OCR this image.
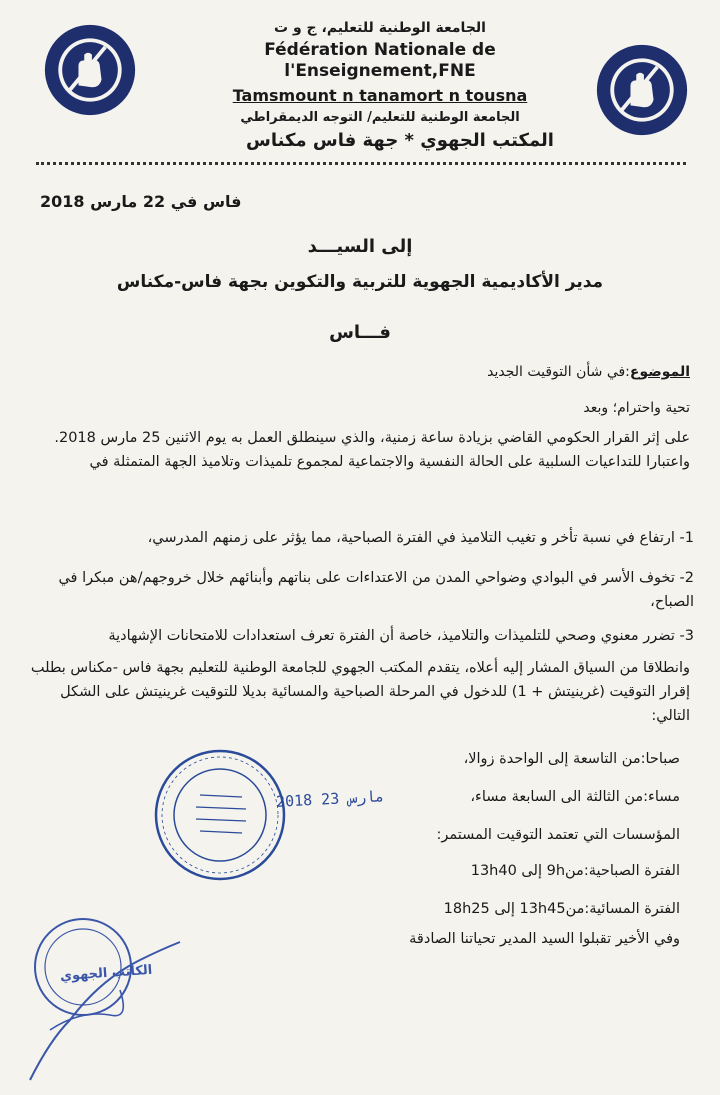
الجامعة الوطنية للتعليم، ج و ت
Fédération Nationale de
l'Enseignement,FNE
Tamsmount n tanamort n tousna
الجامعة الوطنية للتعليم/ التوجه الديمقراطي
المكتب الجهوي * جهة فاس مكناس
فاس في 22 مارس 2018
إلى السيـــد
مدير الأكاديمية الجهوية للتربية والتكوين بجهة فاس-مكناس
فـــاس
الموضوع:في شأن التوقيت الجديد
تحية واحترام؛ وبعد
على إثر القرار الحكومي القاضي بزيادة ساعة زمنية، والذي سينطلق العمل به يوم الاثنين 25 مارس 2018. واعتبارا للتداعيات السلبية على الحالة النفسية والاجتماعية لمجموع تلميذات وتلاميذ الجهة المتمثلة في
1- ارتفاع في نسبة تأخر و تغيب التلاميذ في الفترة الصباحية، مما يؤثر على زمنهم المدرسي،
2- تخوف الأسر في البوادي وضواحي المدن من الاعتداءات على بناتهم وأبنائهم خلال خروجهم/هن مبكرا في الصباح،
3- تضرر معنوي وصحي للتلميذات والتلاميذ، خاصة أن الفترة تعرف استعدادات للامتحانات الإشهادية
وانطلاقا من السياق المشار إليه أعلاه، يتقدم المكتب الجهوي للجامعة الوطنية للتعليم بجهة فاس -مكناس بطلب إقرار التوقيت (غرينيتش + 1) للدخول في المرحلة الصباحية والمسائية بديلا للتوقيت غرينيتش على الشكل التالي:
صباحا:من التاسعة إلى الواحدة زوالا،
مساء:من الثالثة الى السابعة مساء،
المؤسسات التي تعتمد التوقيت المستمر:
الفترة الصباحية:من9h إلى 13h40
الفترة المسائية:من13h45 إلى 18h25
وفي الأخير تقبلوا السيد المدير تحياتنا الصادقة
2018 مارس 23
الكاتب الجهوي
